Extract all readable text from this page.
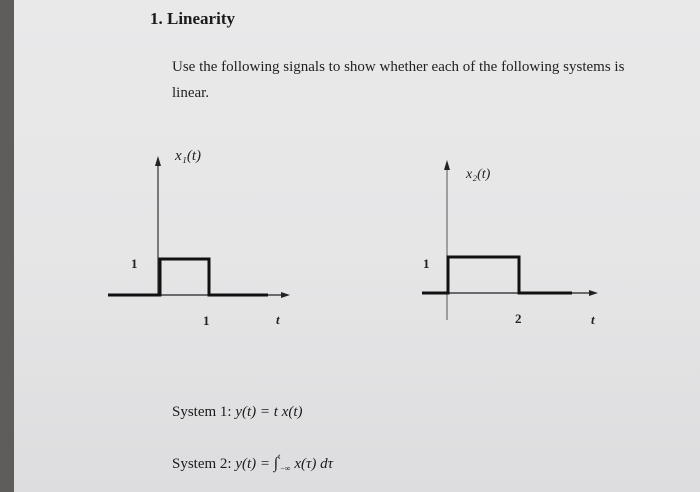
1. Linearity
Use the following signals to show whether each of the following systems is linear.
x₁(t)
1
1	t
x₂(t)
1
2	t
System 1: y(t) = t x(t)
System 2: y(t) = ∫$^t_{-\infty}$ x(τ) dτ
